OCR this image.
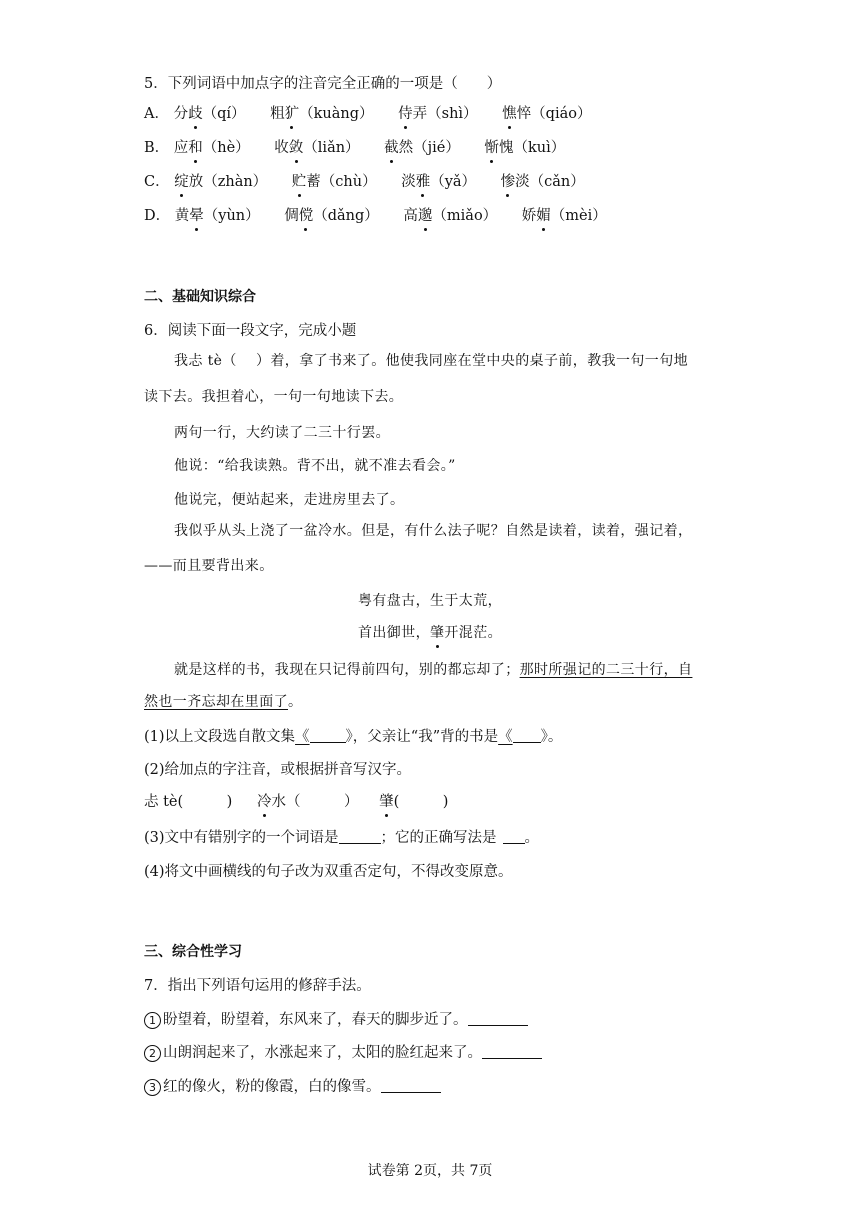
5．下列词语中加点字的注音完全正确的一项是（　　）
A． 分歧（qí） 粗犷（kuàng） 侍弄（shì） 憔悴（qiáo）
B． 应和（hè） 收敛（liǎn） 截然（jié） 惭愧（kuì）
C． 绽放（zhàn） 贮蓄（chù） 淡雅（yǎ） 惨淡（cǎn）
D． 黄晕（yùn） 倜傥（dǎng） 高邈（miǎo） 娇媚（mèi）
二、基础知识综合
6．阅读下面一段文字，完成小题
我忐 tè（　 ）着，拿了书来了。他使我同座在堂中央的桌子前，教我一句一句地
读下去。我担着心，一句一句地读下去。
两句一行，大约读了二三十行罢。
他说：“给我读熟。背不出，就不准去看会。”
他说完，便站起来，走进房里去了。
我似乎从头上浇了一盆冷水。但是，有什么法子呢？自然是读着，读着，强记着，
——而且要背出来。
粤有盘古，生于太荒，
首出御世，肇开混茫。
就是这样的书，我现在只记得前四句，别的都忘却了；那时所强记的二三十行，自
然也一齐忘却在里面了。
(1)以上文段选自散文集《 》，父亲让“我”背的书是《 》。
(2)给加点的字注音，或根据拼音写汉字。
忐 tè(　　　) 冷水（　　　） 肇(　　　)
(3)文中有错别字的一个词语是	；它的正确写法是 。
(4)将文中画横线的句子改为双重否定句，不得改变原意。
三、综合性学习
7．指出下列语句运用的修辞手法。
1 盼望着，盼望着，东风来了，春天的脚步近了。
2 山朗润起来了，水涨起来了，太阳的脸红起来了。
3 红的像火，粉的像霞，白的像雪。
试卷第 2页，共 7页
